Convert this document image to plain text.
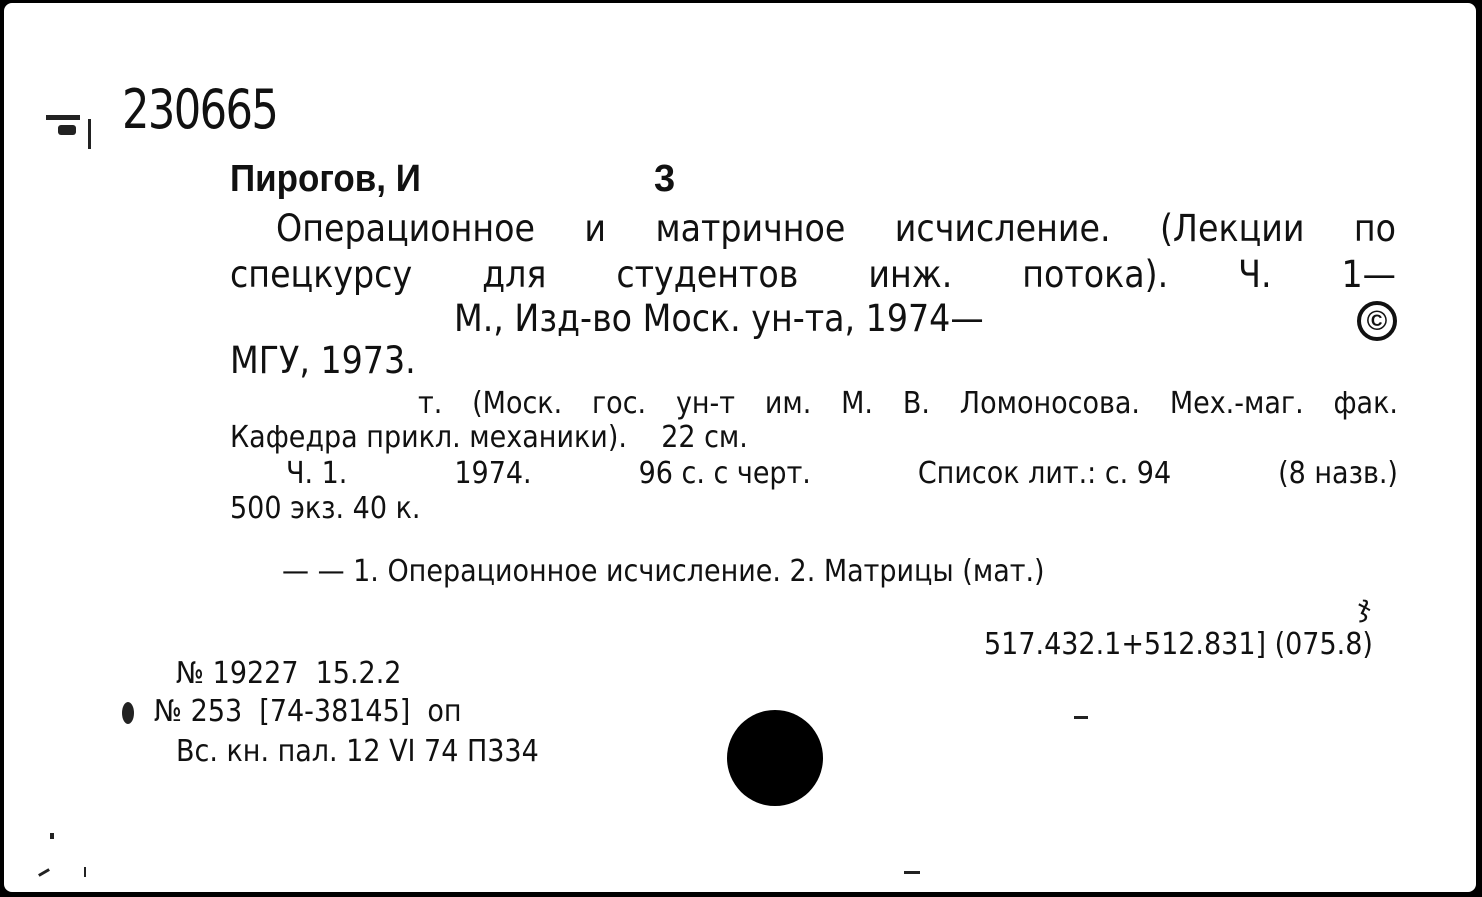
230665
Пирогов, И	3
Операционное и матричное исчисление. (Лекции по
спецкурсу для студентов инж. потока). Ч. 1—
М., Изд-во Моск. ун-та, 1974—	©
МГУ, 1973.
т. (Моск. гос. ун-т им. М. В. Ломоносова. Мех.-маг. фак.
Кафедра прикл. механики).    22 см.
Ч. 1.	1974.	96 с. с черт.	Список лит.: с. 94	(8 назв.)
500 экз. 40 к.
— — 1. Операционное исчисление. 2. Матрицы (мат.)
ჯ
517.432.1+512.831] (075.8)
№ 19227  15.2.2
№ 253  [74-38145]  оп
Вс. кн. пал. 12 VI 74 П334
